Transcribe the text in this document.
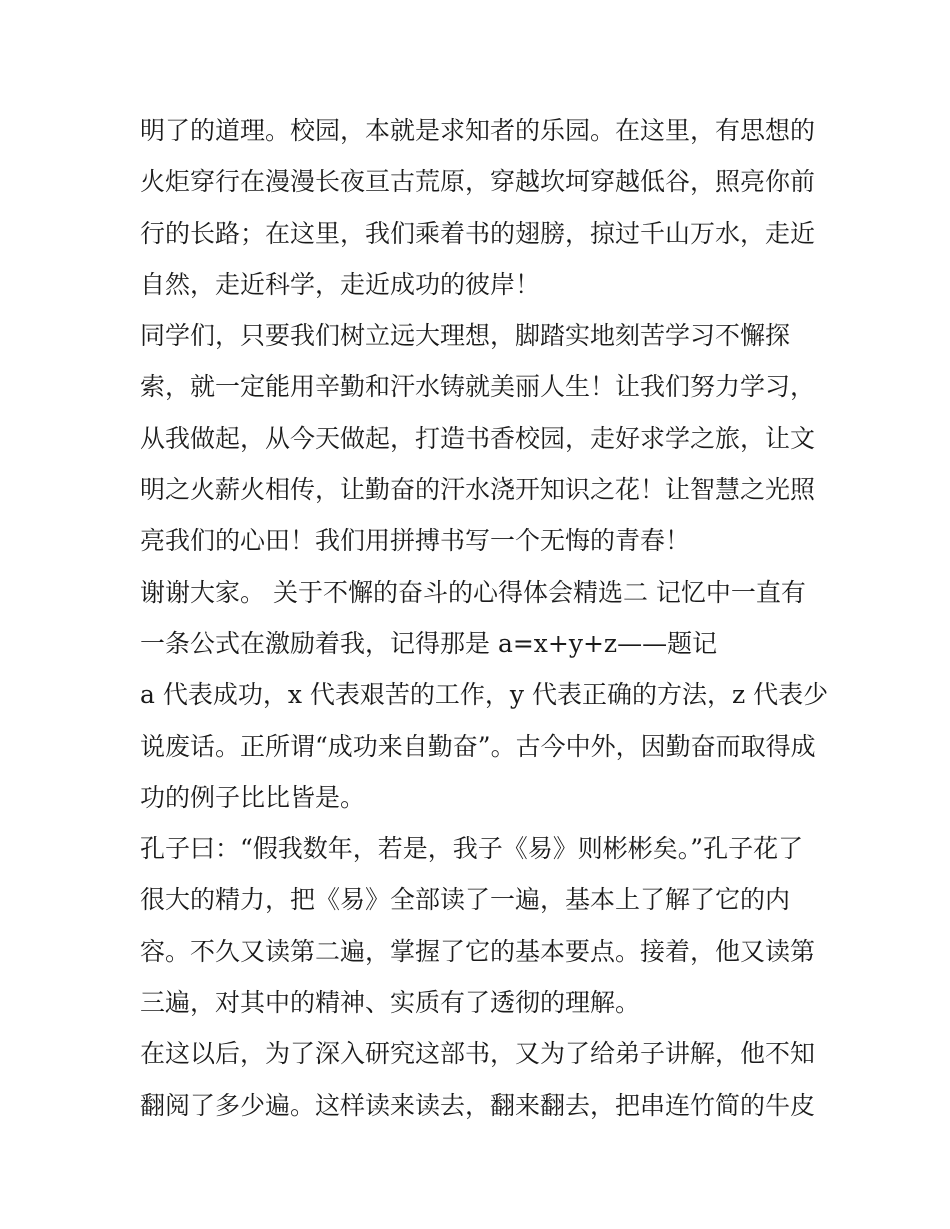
明了的道理。校园，本就是求知者的乐园。在这里，有思想的
火炬穿行在漫漫长夜亘古荒原，穿越坎坷穿越低谷，照亮你前
行的长路；在这里，我们乘着书的翅膀，掠过千山万水，走近
自然，走近科学，走近成功的彼岸！
同学们，只要我们树立远大理想，脚踏实地刻苦学习不懈探
索，就一定能用辛勤和汗水铸就美丽人生！让我们努力学习，
从我做起，从今天做起，打造书香校园，走好求学之旅，让文
明之火薪火相传，让勤奋的汗水浇开知识之花！让智慧之光照
亮我们的心田！我们用拼搏书写一个无悔的青春！
谢谢大家。 关于不懈的奋斗的心得体会精选二 记忆中一直有
一条公式在激励着我，记得那是 a=x+y+z——题记
a 代表成功，x 代表艰苦的工作，y 代表正确的方法，z 代表少
说废话。正所谓“成功来自勤奋”。古今中外，因勤奋而取得成
功的例子比比皆是。
孔子曰：“假我数年，若是，我子《易》则彬彬矣。”孔子花了
很大的精力，把《易》全部读了一遍，基本上了解了它的内
容。不久又读第二遍，掌握了它的基本要点。接着，他又读第
三遍，对其中的精神、实质有了透彻的理解。
在这以后，为了深入研究这部书，又为了给弟子讲解，他不知
翻阅了多少遍。这样读来读去，翻来翻去，把串连竹简的牛皮
